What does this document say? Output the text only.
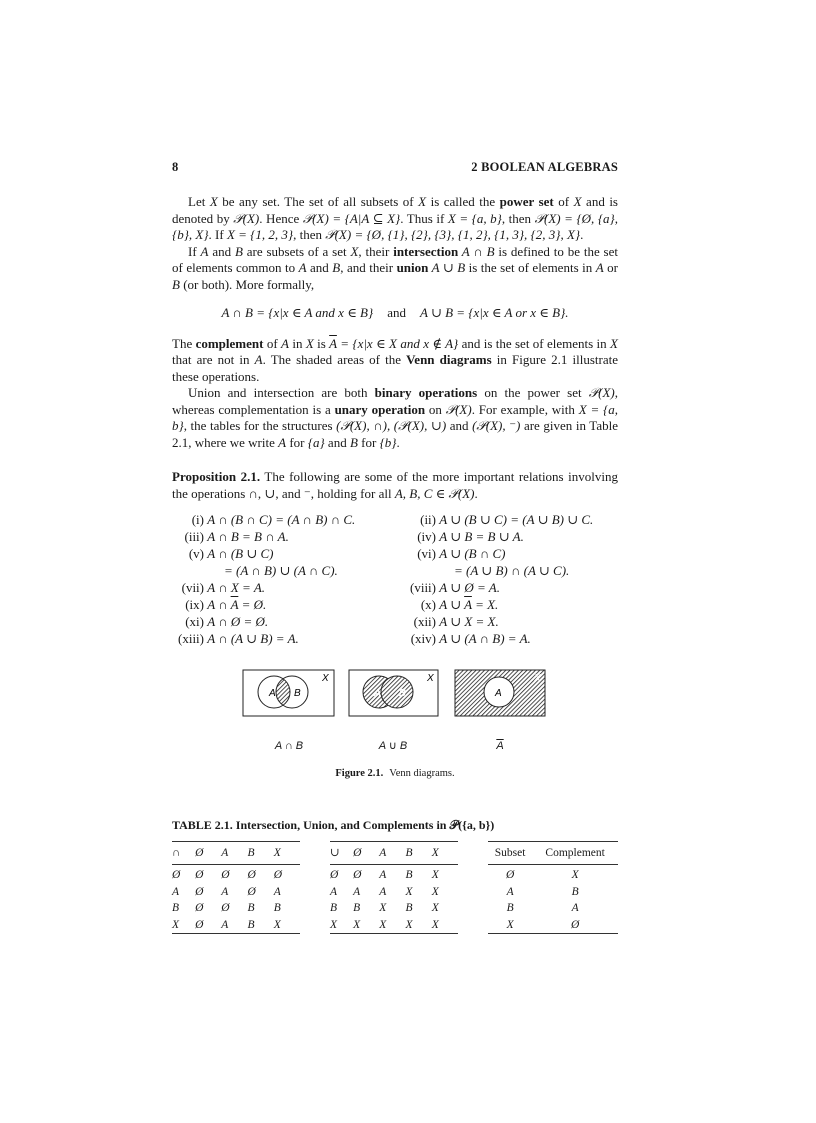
8	2 BOOLEAN ALGEBRAS

Let X be any set. The set of all subsets of X is called the power set of X and is denoted by 𝒫(X). Hence 𝒫(X) = {A|A ⊆ X}. Thus if X = {a, b}, then 𝒫(X) = {Ø, {a}, {b}, X}. If X = {1, 2, 3}, then 𝒫(X) = {Ø, {1}, {2}, {3}, {1, 2}, {1, 3}, {2, 3}, X}.

If A and B are subsets of a set X, their intersection A ∩ B is defined to be the set of elements common to A and B, and their union A ∪ B is the set of elements in A or B (or both). More formally,

A ∩ B = {x|x ∈ A and x ∈ B} and A ∪ B = {x|x ∈ A or x ∈ B}.

The complement of A in X is $\overline{A} = \{x|x$ ∈ X and x ∉ A} and is the set of elements in X that are not in A. The shaded areas of the Venn diagrams in Figure 2.1 illustrate these operations.

Union and intersection are both binary operations on the power set 𝒫(X), whereas complementation is a unary operation on 𝒫(X). For example, with X = {a, b}, the tables for the structures (𝒫(X), ∩), (𝒫(X), ∪) and (𝒫(X), ⁻) are given in Table 2.1, where we write A for {a} and B for {b}.

Proposition 2.1. The following are some of the more important relations involving the operations ∩, ∪, and ⁻, holding for all A, B, C ∈ 𝒫(X).

(i) A ∩ (B ∩ C) = (A ∩ B) ∩ C.	(ii) A ∪ (B ∪ C) = (A ∪ B) ∪ C.
(iii) A ∩ B = B ∩ A.	(iv) A ∪ B = B ∪ A.
(v) A ∩ (B ∪ C)	(vi) A ∪ (B ∩ C)
= (A ∩ B) ∪ (A ∩ C).	= (A ∪ B) ∩ (A ∪ C).
(vii) A ∩ X = A.	(viii) A ∪ Ø = A.
(ix) A ∩ $\overline{A}$ = Ø.	(x) A ∪ $\overline{A} = X$.
(xi) A ∩ Ø = Ø.	(xii) A ∪ X = X.
(xiii) A ∩ (A ∪ B) = A.	(xiv) A ∪ (A ∩ B) = A.
A B
X
A B
X
A
X
A ∩ B	A ∪ B	$\overline{A}$
Figure 2.1. Venn diagrams.
TABLE 2.1. Intersection, Union, and Complements in 𝒫({a, b})
∩	Ø	A	B	X
Ø	Ø	Ø	Ø	Ø
A	Ø	A	Ø	A
B	Ø	Ø	B	B
X	Ø	A	B	X
∪	Ø	A	B	X
Ø	Ø	A	B	X
A	A	A	X	X
B	B	X	B	X
X	X	X	X	X
Subset	Complement
Ø	X
A	B
B	A
X	Ø
